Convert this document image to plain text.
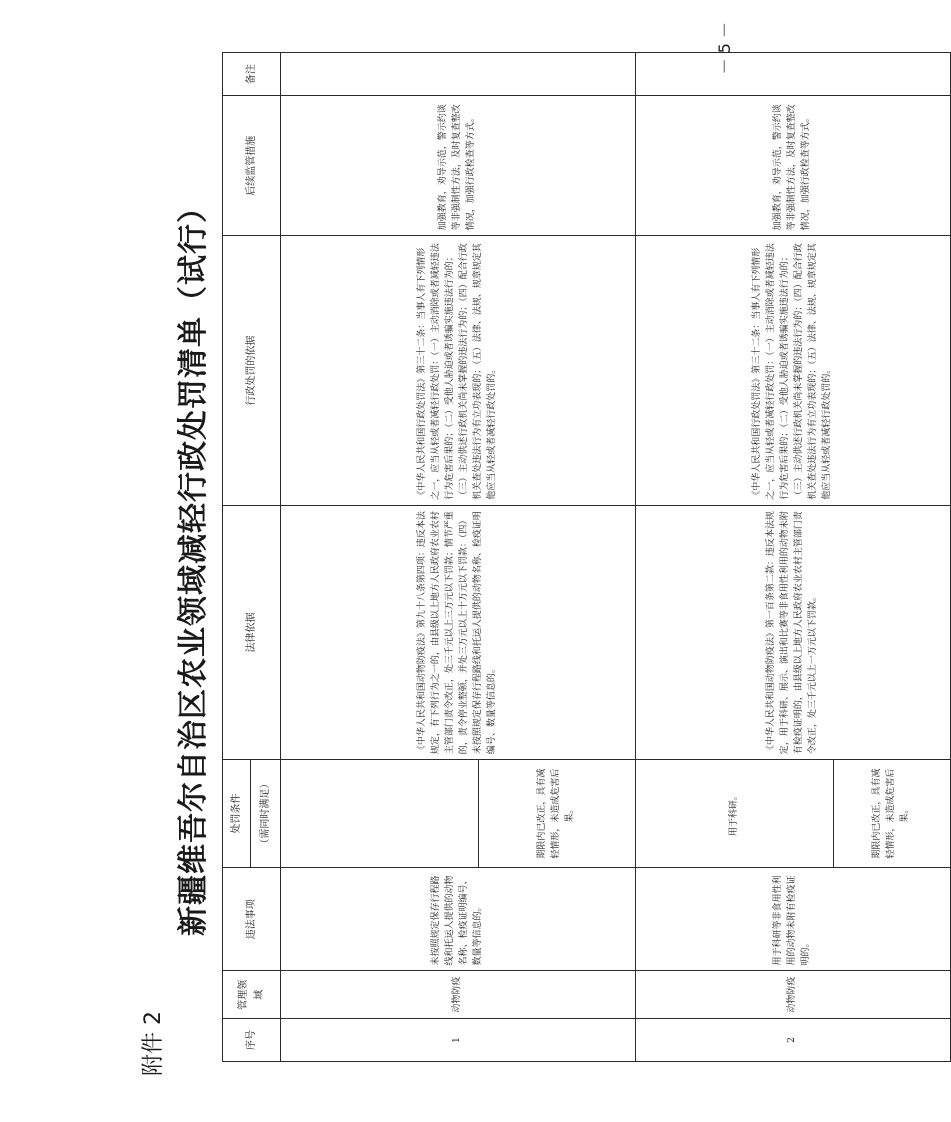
附件 2
新疆维吾尔自治区农业领域减轻行政处罚清单（试行）
序号	管理领域	违法事项	处罚条件	法律依据	行政处罚的依据	后续监管措施	备注
			（需同时满足）				
1	动物防疫	未按照规定保存行程路线和托运人提供的动物名称、检疫证明编号、数量等信息的。		《中华人民共和国动物防疫法》第九十八条第四项：违反本法规定，有下列行为之一的，由县级以上地方人民政府农业农村主管部门责令改正，处三千元以上三万元以下罚款；情节严重的，责令停业整顿，并处三万元以上十万元以下罚款：（四）未按照规定保存行程路线和托运人提供的动物名称、检疫证明编号、数量等信息的。	《中华人民共和国行政处罚法》第三十二条：当事人有下列情形之一，应当从轻或者减轻行政处罚：（一）主动消除或者减轻违法行为危害后果的；（二）受他人胁迫或者诱骗实施违法行为的；（三）主动供述行政机关尚未掌握的违法行为的；（四）配合行政机关查处违法行为有立功表现的；（五）法律、法规、规章规定其他应当从轻或者减轻行政处罚的。	加强教育，劝导示范，警示约谈等非强制性方法，及时复查整改情况，加强行政检查等方式。	
			期限内已改正，具有减轻情形，未造成危害后果。				
2	动物防疫	用于科研等非食用性利用的动物未附有检疫证明的。	用于科研。	《中华人民共和国动物防疫法》第一百条第二款：违反本法规定，用于科研、展示、演出和比赛等非食用性利用的动物未附有检疫证明的，由县级以上地方人民政府农业农村主管部门责令改正，处三千元以上一万元以下罚款。	《中华人民共和国行政处罚法》第三十二条：当事人有下列情形之一，应当从轻或者减轻行政处罚：（一）主动消除或者减轻违法行为危害后果的；（二）受他人胁迫或者诱骗实施违法行为的；（三）主动供述行政机关尚未掌握的违法行为的；（四）配合行政机关查处违法行为有立功表现的；（五）法律、法规、规章规定其他应当从轻或者减轻行政处罚的。	加强教育，劝导示范，警示约谈等非强制性方法，及时复查整改情况，加强行政检查等方式。	
			期限内已改正，具有减轻情形，未造成危害后果。				
－ 5 －
